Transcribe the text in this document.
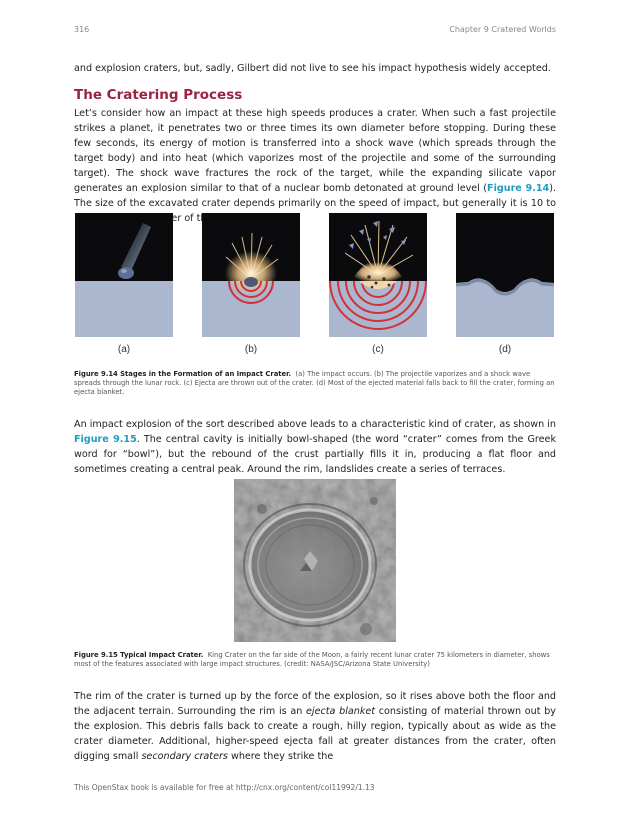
316	Chapter 9 Cratered Worlds

and explosion craters, but, sadly, Gilbert did not live to see his impact hypothesis widely accepted.

The Cratering Process

Let’s consider how an impact at these high speeds produces a crater. When such a fast projectile strikes a planet, it penetrates two or three times its own diameter before stopping. During these few seconds, its energy of motion is transferred into a shock wave (which spreads through the target body) and into heat (which vaporizes most of the projectile and some of the surrounding target). The shock wave fractures the rock of the target, while the expanding silicate vapor generates an explosion similar to that of a nuclear bomb detonated at ground level (Figure 9.14). The size of the excavated crater depends primarily on the speed of impact, but generally it is 10 to of

(a)	(b)	(c)	(d)

Figure 9.14 Stages in the Formation of an Impact Crater. (a) The impact occurs. (b) The projectile vaporizes and a shock wave spreads through the lunar rock. (c) Ejecta are thrown out of the crater. (d) Most of the ejected material falls back to fill the crater, forming an ejecta blanket.

An impact explosion of the sort described above leads to a characteristic kind of crater, as shown in Figure 9.15. The central cavity is initially bowl-shaped (the word “crater” comes from the Greek word for “bowl”), but the rebound of the crust partially fills it in, producing a flat floor and sometimes creating a central peak. Around the rim, landslides create a series of terraces.

Figure 9.15 Typical Impact Crater. King Crater on the far side of the Moon, a fairly recent lunar crater 75 kilometers in diameter, shows most of the features associated with large impact structures. (credit: NASA/JSC/Arizona State University)

The rim of the crater is turned up by the force of the explosion, so it rises above both the floor and the adjacent terrain. Surrounding the rim is an ejecta blanket consisting of material thrown out by the explosion. This debris falls back to create a rough, hilly region, typically about as wide as the crater diameter. Additional, higher-speed ejecta fall at greater distances from the crater, often digging small secondary craters where they strike the

This OpenStax book is available for free at http://cnx.org/content/col11992/1.13
